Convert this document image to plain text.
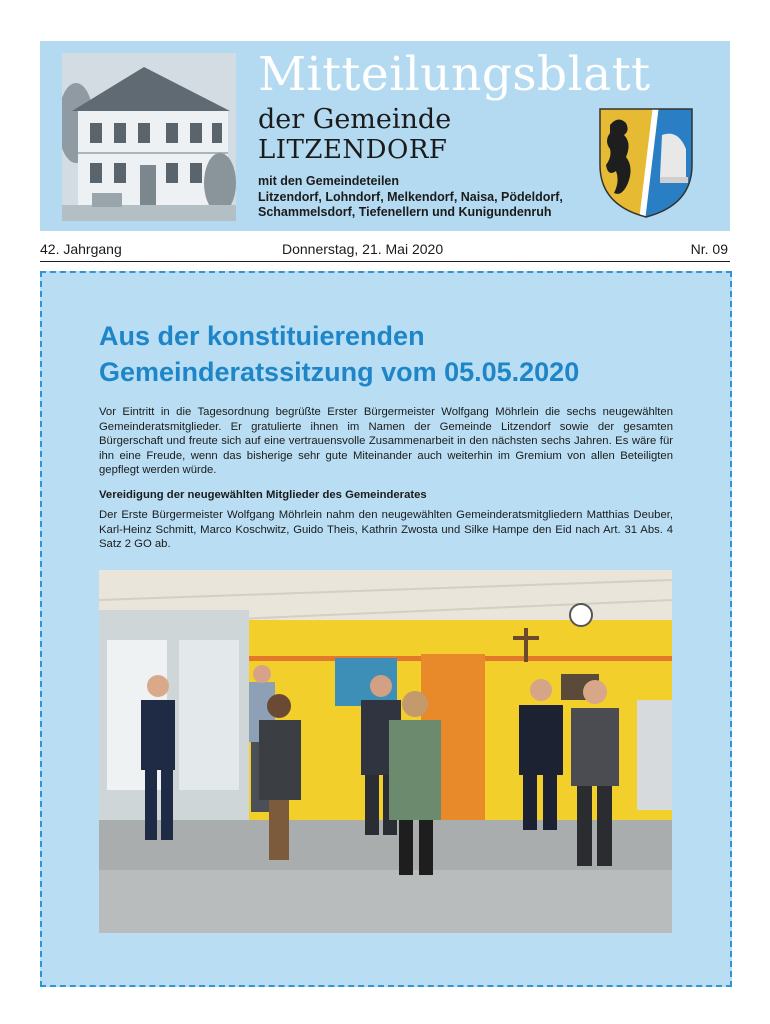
Mitteilungsblatt
der Gemeinde
LITZENDORF
mit den Gemeindeteilen
Litzendorf, Lohndorf, Melkendorf, Naisa, Pödeldorf,
Schammelsdorf, Tiefenellern und Kunigundenruh
42. Jahrgang	Donnerstag, 21. Mai 2020	Nr. 09
Aus der konstituierenden
Gemeinderatssitzung vom 05.05.2020

Vor Eintritt in die Tagesordnung begrüßte Erster Bürgermeister Wolfgang Möhrlein die sechs neugewählten Gemeinderatsmitglieder. Er gratulierte ihnen im Namen der Gemeinde Litzendorf sowie der gesamten Bürgerschaft und freute sich auf eine vertrauensvolle Zusammenarbeit in den nächsten sechs Jahren. Es wäre für ihn eine Freude, wenn das bisherige sehr gute Miteinander auch weiterhin im Gremium von allen Beteiligten gepflegt werden würde.

Vereidigung der neugewählten Mitglieder des Gemeinderates

Der Erste Bürgermeister Wolfgang Möhrlein nahm den neugewählten Gemeinderatsmitgliedern Matthias Deuber, Karl-Heinz Schmitt, Marco Koschwitz, Guido Theis, Kathrin Zwosta und Silke Hampe den Eid nach Art. 31 Abs. 4 Satz 2 GO ab.
